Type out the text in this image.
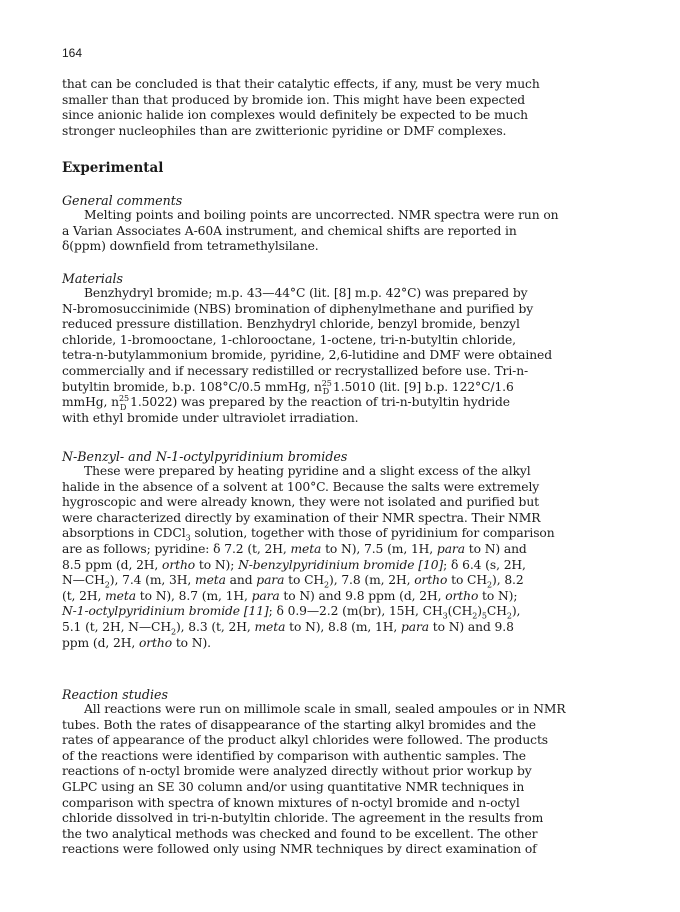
164
that can be concluded is that their catalytic effects, if any, must be very much
smaller than that produced by bromide ion. This might have been expected
since anionic halide ion complexes would definitely be expected to be much
stronger nucleophiles than are zwitterionic pyridine or DMF complexes.
Experimental
General comments
Melting points and boiling points are uncorrected. NMR spectra were run on
a Varian Associates A-60A instrument, and chemical shifts are reported in
δ(ppm) downfield from tetramethylsilane.
Materials
Benzhydryl bromide; m.p. 43—44°C (lit. [8] m.p. 42°C) was prepared by
N-bromosuccinimide (NBS) bromination of diphenylmethane and purified by
reduced pressure distillation. Benzhydryl chloride, benzyl bromide, benzyl
chloride, 1-bromooctane, 1-chlorooctane, 1-octene, tri-n-butyltin chloride,
tetra-n-butylammonium bromide, pyridine, 2,6-lutidine and DMF were obtained
commercially and if necessary redistilled or recrystallized before use. Tri-n-
butyltin bromide, b.p. 108°C/0.5 mmHg, $n^{25}_D$ 1.5010 (lit. [9] b.p. 122°C/1.6
mmHg, $n^{25}_D$ 1.5022) was prepared by the reaction of tri-n-butyltin hydride
with ethyl bromide under ultraviolet irradiation.
N-Benzyl- and N-1-octylpyridinium bromides
These were prepared by heating pyridine and a slight excess of the alkyl
halide in the absence of a solvent at 100°C. Because the salts were extremely
hygroscopic and were already known, they were not isolated and purified but
were characterized directly by examination of their NMR spectra. Their NMR
absorptions in CDCl$_3$ solution, together with those of pyridinium for comparison
are as follows; pyridine: δ 7.2 (t, 2H, meta to N), 7.5 (m, 1H, para to N) and
8.5 ppm (d, 2H, ortho to N); N-benzylpyridinium bromide [10]; δ 6.4 (s, 2H,
$N—CH_2$), 7.4 (m, 3H, meta and para to $CH_2$), 7.8 (m, 2H, ortho to $CH_2$), 8.2
(t, 2H, meta to N), 8.7 (m, 1H, para to N) and 9.8 ppm (d, 2H, ortho to N);
N-1-octylpyridinium bromide [11]; δ 0.9—2.2 (m(br), 15H, $CH_3(CH_2)_5CH_2$),
5.1 (t, 2H, $N—CH_2$), 8.3 (t, 2H, meta to N), 8.8 (m, 1H, para to N) and 9.8
ppm (d, 2H, ortho to N).
Reaction studies
All reactions were run on millimole scale in small, sealed ampoules or in NMR
tubes. Both the rates of disappearance of the starting alkyl bromides and the
rates of appearance of the product alkyl chlorides were followed. The products
of the reactions were identified by comparison with authentic samples. The
reactions of n-octyl bromide were analyzed directly without prior workup by
GLPC using an SE 30 column and/or using quantitative NMR techniques in
comparison with spectra of known mixtures of n-octyl bromide and n-octyl
chloride dissolved in tri-n-butyltin chloride. The agreement in the results from
the two analytical methods was checked and found to be excellent. The other
reactions were followed only using NMR techniques by direct examination of
